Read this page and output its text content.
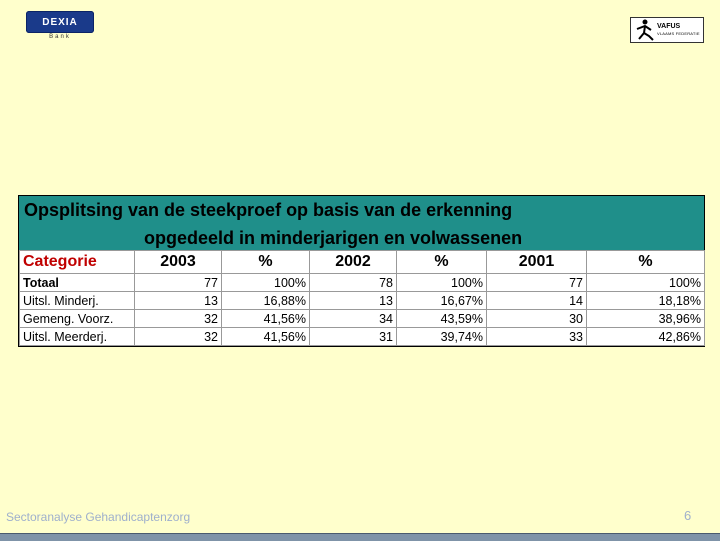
DEXIA
Bank
VAFUS
VLAAMS FEDERATIE
Opsplitsing van de steekproef op basis van de erkenning
opgedeeld in minderjarigen en volwassenen
Categorie	2003	%	2002	%	2001	%
Totaal	77	100%	78	100%	77	100%
Uitsl. Minderj.	13	16,88%	13	16,67%	14	18,18%
Gemeng. Voorz.	32	41,56%	34	43,59%	30	38,96%
Uitsl. Meerderj.	32	41,56%	31	39,74%	33	42,86%
Sectoranalyse Gehandicaptenzorg	6
